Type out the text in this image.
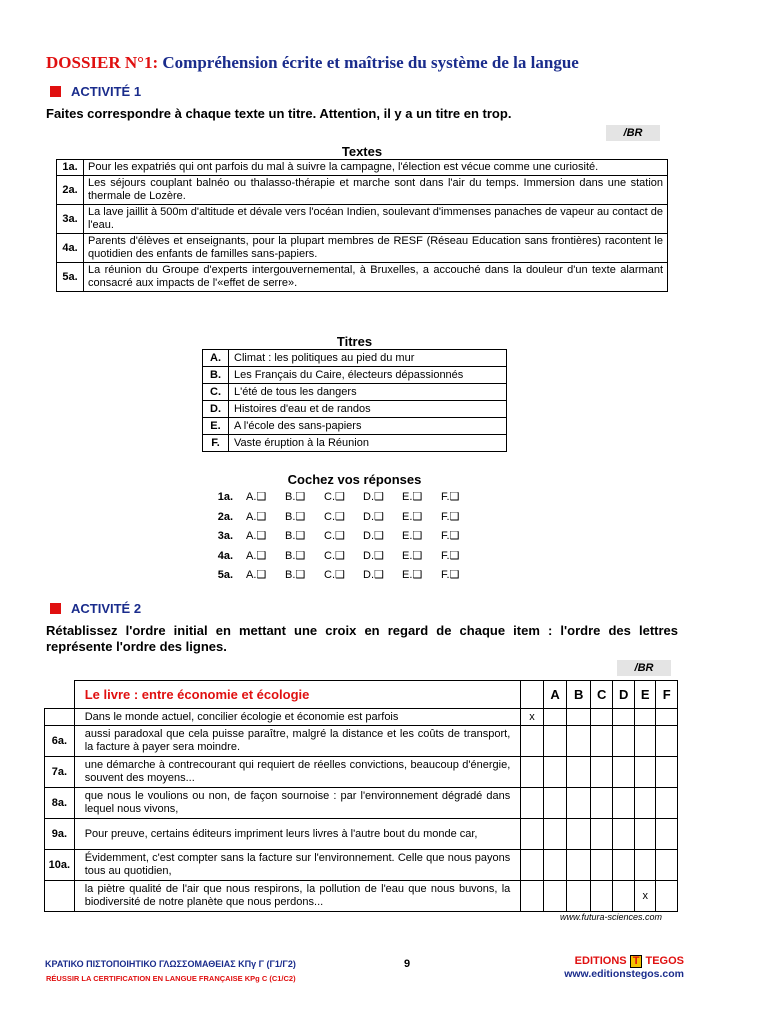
DOSSIER N°1: Compréhension écrite et maîtrise du système de la langue
ACTIVITÉ 1
Faites correspondre à chaque texte un titre. Attention, il y a un titre en trop.
/BR
Textes
1a.	Pour les expatriés qui ont parfois du mal à suivre la campagne, l'élection est vécue comme une curiosité.
2a.	Les séjours couplant balnéo ou thalasso-thérapie et marche sont dans l'air du temps. Immersion dans une station thermale de Lozère.
3a.	La lave jaillit à 500m d'altitude et dévale vers l'océan Indien, soulevant d'immenses panaches de vapeur au contact de l'eau.
4a.	Parents d'élèves et enseignants, pour la plupart membres de RESF (Réseau Education sans frontières) racontent le quotidien des enfants de familles sans-papiers.
5a.	La réunion du Groupe d'experts intergouvernemental, à Bruxelles, a accouché dans la douleur d'un texte alarmant consacré aux impacts de l'«effet de serre».
Titres
A.	Climat : les politiques au pied du mur
B.	Les Français du Caire, électeurs dépassionnés
C.	L'été de tous les dangers
D.	Histoires d'eau et de randos
E.	A l'école des sans-papiers
F.	Vaste éruption à la Réunion
Cochez vos réponses
1a. A.❑	B.❑	C.❑	D.❑	E.❑	F.❑
2a. A.❑	B.❑	C.❑	D.❑	E.❑	F.❑
3a. A.❑	B.❑	C.❑	D.❑	E.❑	F.❑
4a. A.❑	B.❑	C.❑	D.❑	E.❑	F.❑
5a. A.❑	B.❑	C.❑	D.❑	E.❑	F.❑
ACTIVITÉ 2
Rétablissez l'ordre initial en mettant une croix en regard de chaque item : l'ordre des lettres représente l'ordre des lignes.
/BR
	Le livre : entre économie et écologie		A	B	C	D	E	F
	Dans le monde actuel, concilier écologie et économie est parfois	x						
6a.	aussi paradoxal que cela puisse paraître, malgré la distance et les coûts de transport, la facture à payer sera moindre.							
7a.	une démarche à contrecourant qui requiert de réelles convictions, beaucoup d'énergie, souvent des moyens...							
8a.	que nous le voulions ou non, de façon sournoise : par l'environnement dégradé dans lequel nous vivons,							
9a.	Pour preuve, certains éditeurs impriment leurs livres à l'autre bout du monde car,							
10a.	Évidemment, c'est compter sans la facture sur l'environnement. Celle que nous payons tous au quotidien,							
	la piètre qualité de l'air que nous respirons, la pollution de l'eau que nous buvons, la biodiversité de notre planète que nous perdons...						x	
www.futura-sciences.com
ΚΡΑΤΙΚΟ ΠΙΣΤΟΠΟΙΗΤΙΚΟ ΓΛΩΣΣΟΜΑΘΕΙΑΣ ΚΠγ Γ (Γ1/Γ2)
RÉUSSIR LA CERTIFICATION EN LANGUE FRANÇAISE KPg C (C1/C2)
9	EDITIONS T TEGOS
www.editionstegos.com
